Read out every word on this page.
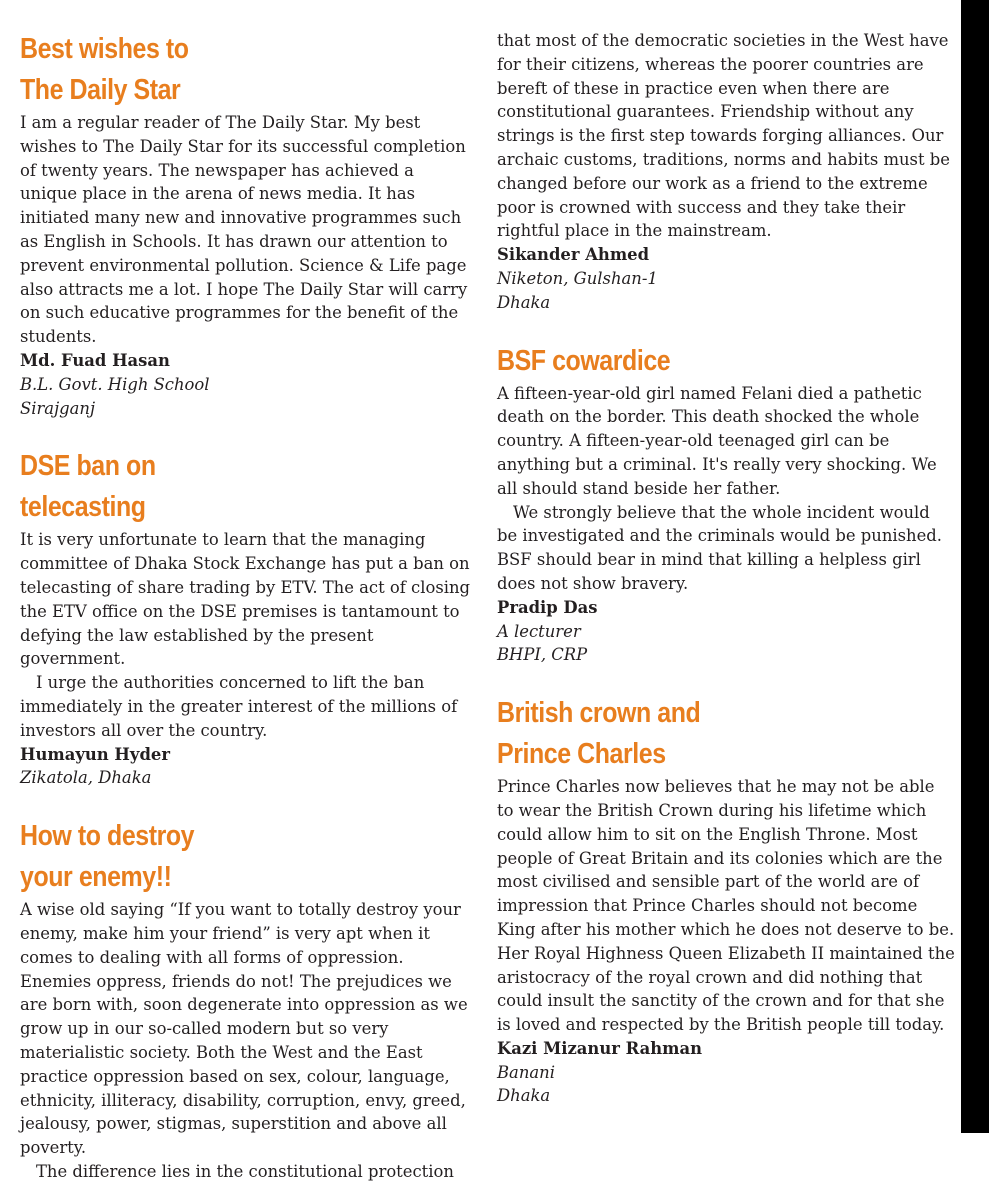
Best wishes to
The Daily Star

I am a regular reader of The Daily Star. My best wishes to The Daily Star for its successful completion of twenty years. The newspaper has achieved a unique place in the arena of news media. It has initiated many new and innovative programmes such as English in Schools. It has drawn our attention to prevent environmental pollution. Science & Life page also attracts me a lot. I hope The Daily Star will carry on such educative programmes for the benefit of the students.

Md. Fuad Hasan

B.L. Govt. High School

Sirajganj

DSE ban on
telecasting

It is very unfortunate to learn that the managing committee of Dhaka Stock Exchange has put a ban on telecasting of share trading by ETV. The act of closing the ETV office on the DSE premises is tantamount to defying the law established by the present government.

I urge the authorities concerned to lift the ban immediately in the greater interest of the millions of investors all over the country.

Humayun Hyder

Zikatola, Dhaka

How to destroy
your enemy!!

A wise old saying “If you want to totally destroy your enemy, make him your friend” is very apt when it comes to dealing with all forms of oppression. Enemies oppress, friends do not! The prejudices we are born with, soon degenerate into oppression as we grow up in our so-called modern but so very materialistic society. Both the West and the East practice oppression based on sex, colour, language, ethnicity, illiteracy, disability, corruption, envy, greed, jealousy, power, stigmas, superstition and above all poverty.

The difference lies in the constitutional protection

that most of the democratic societies in the West have for their citizens, whereas the poorer countries are bereft of these in practice even when there are constitutional guarantees. Friendship without any strings is the first step towards forging alliances. Our archaic customs, traditions, norms and habits must be changed before our work as a friend to the extreme poor is crowned with success and they take their rightful place in the mainstream.

Sikander Ahmed

Niketon, Gulshan-1

Dhaka

BSF cowardice

A fifteen-year-old girl named Felani died a pathetic death on the border. This death shocked the whole country. A fifteen-year-old teenaged girl can be anything but a criminal. It's really very shocking. We all should stand beside her father.

We strongly believe that the whole incident would be investigated and the criminals would be punished. BSF should bear in mind that killing a helpless girl does not show bravery.

Pradip Das

A lecturer

BHPI, CRP

British crown and
Prince Charles

Prince Charles now believes that he may not be able to wear the British Crown during his lifetime which could allow him to sit on the English Throne. Most people of Great Britain and its colonies which are the most civilised and sensible part of the world are of impression that Prince Charles should not become King after his mother which he does not deserve to be. Her Royal Highness Queen Elizabeth II maintained the aristocracy of the royal crown and did nothing that could insult the sanctity of the crown and for that she is loved and respected by the British people till today.

Kazi Mizanur Rahman

Banani

Dhaka
